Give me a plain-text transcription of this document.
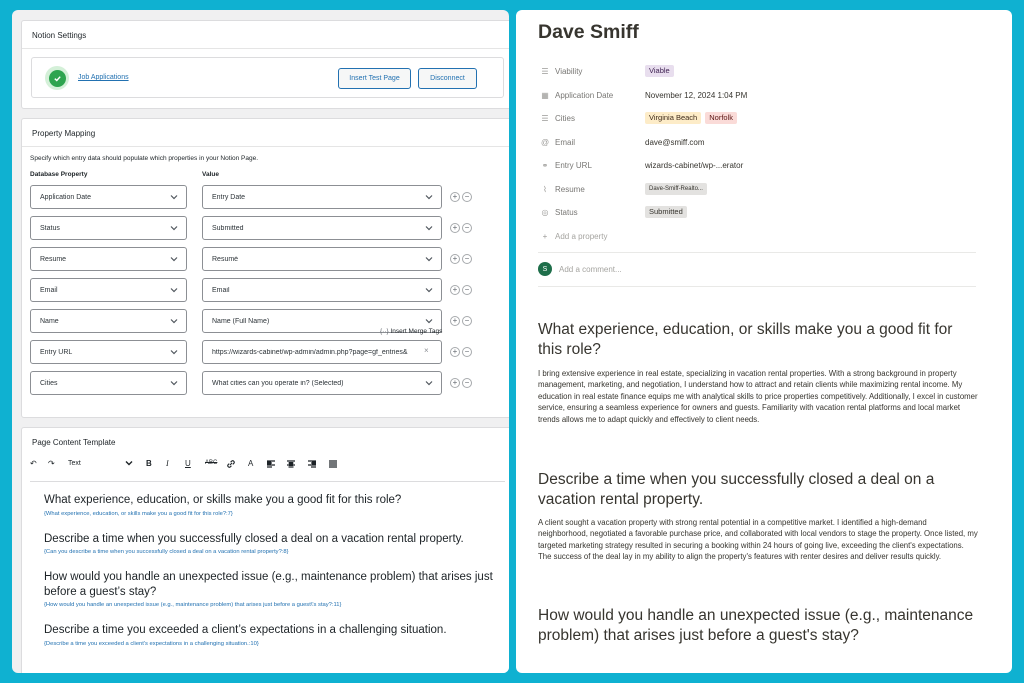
Notion Settings
Job Applications	Insert Test Page	Disconnect
Property Mapping
Specify which entry data should populate which properties in your Notion Page.
Database Property	Value
Application Date	Entry Date	+ −
Status	Submitted	+ −
Resume	Resumé	+ −
Email	Email	+ −
Name	Name (Full Name)	+ −
Entry URL	https://wizards-cabinet/wp-admin/admin.php?page=gf_entries& ×	+ −
Cities	What cities can you operate in? (Selected)	+ −
{··} Insert Merge Tags
Page Content Template
↶ ↷ Text	B I U ABC	A
What experience, education, or skills make you a good fit for this role?
{What experience, education, or skills make you a good fit for this role?:7}
Describe a time when you successfully closed a deal on a vacation rental property.
{Can you describe a time when you successfully closed a deal on a vacation rental property?:8}
How would you handle an unexpected issue (e.g., maintenance problem) that arises just before a guest’s stay?
{How would you handle an unexpected issue (e.g., maintenance problem) that arises just before a guest\'s stay?:11}
Describe a time you exceeded a client’s expectations in a challenging situation.
{Describe a time you exceeded a client's expectations in a challenging situation.:10}
Dave Smiff
☰ Viability	Viable
▦ Application Date	November 12, 2024 1:04 PM
☰ Cities	Virginia Beach	Norfolk
@ Email	dave@smiff.com
⚭ Entry URL	wizards-cabinet/wp-...erator
⌇	Resume	Dave-Smiff-Realto...
◎ Status	Submitted
+ Add a property
S	Add a comment...
What experience, education, or skills make you a good fit for this role?
I bring extensive experience in real estate, specializing in vacation rental properties. With a strong background in property management, marketing, and negotiation, I understand how to attract and retain clients while maximizing rental income. My education in real estate finance equips me with analytical skills to price properties competitively. Additionally, I excel in customer service, ensuring a seamless experience for owners and guests. Familiarity with vacation rental platforms and local market trends allows me to adapt quickly and effectively to client needs.
Describe a time when you successfully closed a deal on a vacation rental property.
A client sought a vacation property with strong rental potential in a competitive market. I identified a high-demand neighborhood, negotiated a favorable purchase price, and collaborated with local vendors to stage the property. Once listed, my targeted marketing strategy resulted in securing a booking within 24 hours of going live, exceeding the client's expectations. The success of the deal lay in my ability to align the property's features with renter desires and deliver results quickly.
How would you handle an unexpected issue (e.g., maintenance problem) that arises just before a guest's stay?
